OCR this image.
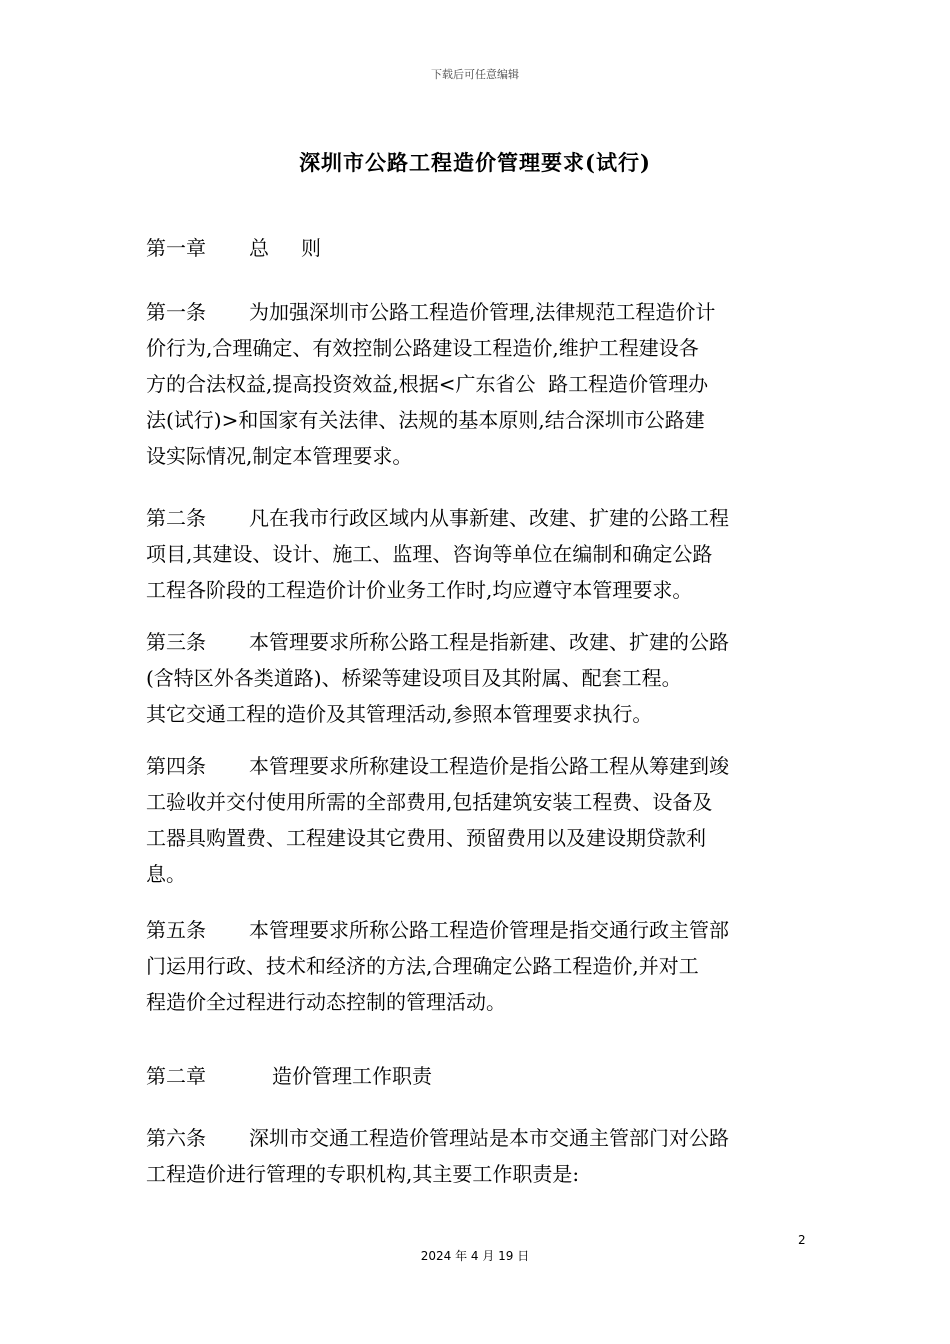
下载后可任意编辑
深圳市公路工程造价管理要求(试行)
第一章 总 则
第一条 为加强深圳市公路工程造价管理,法律规范工程造价计
价行为,合理确定、有效控制公路建设工程造价,维护工程建设各
方的合法权益,提高投资效益,根据<广东省公  路工程造价管理办
法(试行)>和国家有关法律、法规的基本原则,结合深圳市公路建
设实际情况,制定本管理要求。
第二条 凡在我市行政区域内从事新建、改建、扩建的公路工程
项目,其建设、设计、施工、监理、咨询等单位在编制和确定公路
工程各阶段的工程造价计价业务工作时,均应遵守本管理要求。
第三条 本管理要求所称公路工程是指新建、改建、扩建的公路
(含特区外各类道路)、桥梁等建设项目及其附属、配套工程。
其它交通工程的造价及其管理活动,参照本管理要求执行。
第四条 本管理要求所称建设工程造价是指公路工程从筹建到竣
工验收并交付使用所需的全部费用,包括建筑安装工程费、设备及
工器具购置费、工程建设其它费用、预留费用以及建设期贷款利
息。
第五条 本管理要求所称公路工程造价管理是指交通行政主管部
门运用行政、技术和经济的方法,合理确定公路工程造价,并对工
程造价全过程进行动态控制的管理活动。
第二章	造价管理工作职责
第六条 深圳市交通工程造价管理站是本市交通主管部门对公路
工程造价进行管理的专职机构,其主要工作职责是:
2
2024 年 4 月 19 日
